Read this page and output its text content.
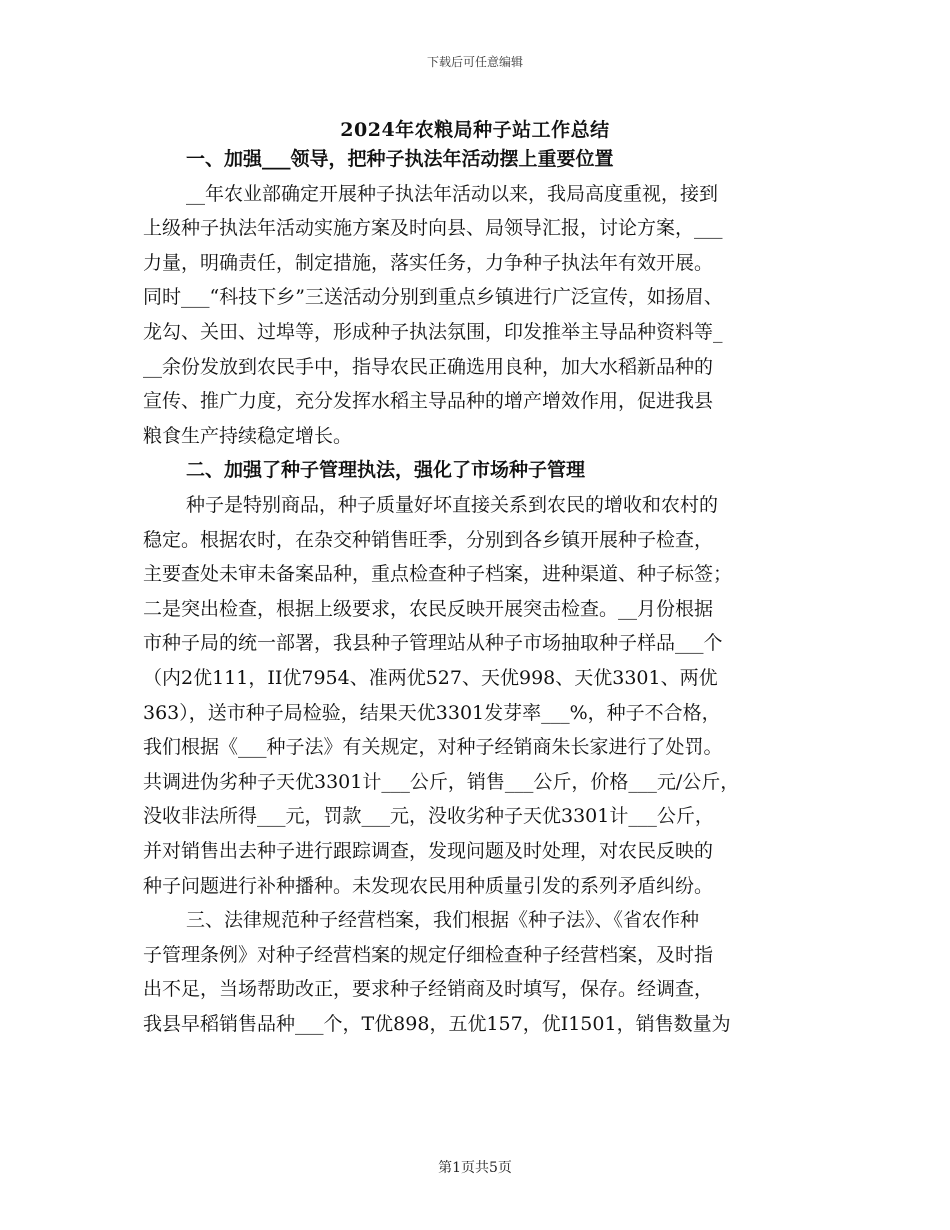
下载后可任意编辑
2024年农粮局种子站工作总结
一、加强___领导，把种子执法年活动摆上重要位置
__年农业部确定开展种子执法年活动以来，我局高度重视，接到
上级种子执法年活动实施方案及时向县、局领导汇报，讨论方案，___
力量，明确责任，制定措施，落实任务，力争种子执法年有效开展。
同时___“科技下乡”三送活动分别到重点乡镇进行广泛宣传，如扬眉、
龙勾、关田、过埠等，形成种子执法氛围，印发推举主导品种资料等_
__余份发放到农民手中，指导农民正确选用良种，加大水稻新品种的
宣传、推广力度，充分发挥水稻主导品种的增产增效作用，促进我县
粮食生产持续稳定增长。
二、加强了种子管理执法，强化了市场种子管理
种子是特别商品，种子质量好坏直接关系到农民的增收和农村的
稳定。根据农时，在杂交种销售旺季，分别到各乡镇开展种子检查，
主要查处未审未备案品种，重点检查种子档案，进种渠道、种子标签；
二是突出检查，根据上级要求，农民反映开展突击检查。__月份根据
市种子局的统一部署，我县种子管理站从种子市场抽取种子样品___个
（内2优111，II优7954、准两优527、天优998、天优3301、两优
363），送市种子局检验，结果天优3301发芽率___%，种子不合格，
我们根据《___种子法》有关规定，对种子经销商朱长家进行了处罚。
共调进伪劣种子天优3301计___公斤，销售___公斤，价格___元/公斤，
没收非法所得___元，罚款___元，没收劣种子天优3301计___公斤，
并对销售出去种子进行跟踪调查，发现问题及时处理，对农民反映的
种子问题进行补种播种。未发现农民用种质量引发的系列矛盾纠纷。
三、法律规范种子经营档案，我们根据《种子法》、《省农作种
子管理条例》对种子经营档案的规定仔细检查种子经营档案，及时指
出不足，当场帮助改正，要求种子经销商及时填写，保存。经调查，
我县早稻销售品种___个，T优898，五优157，优I1501，销售数量为
第1页共5页
